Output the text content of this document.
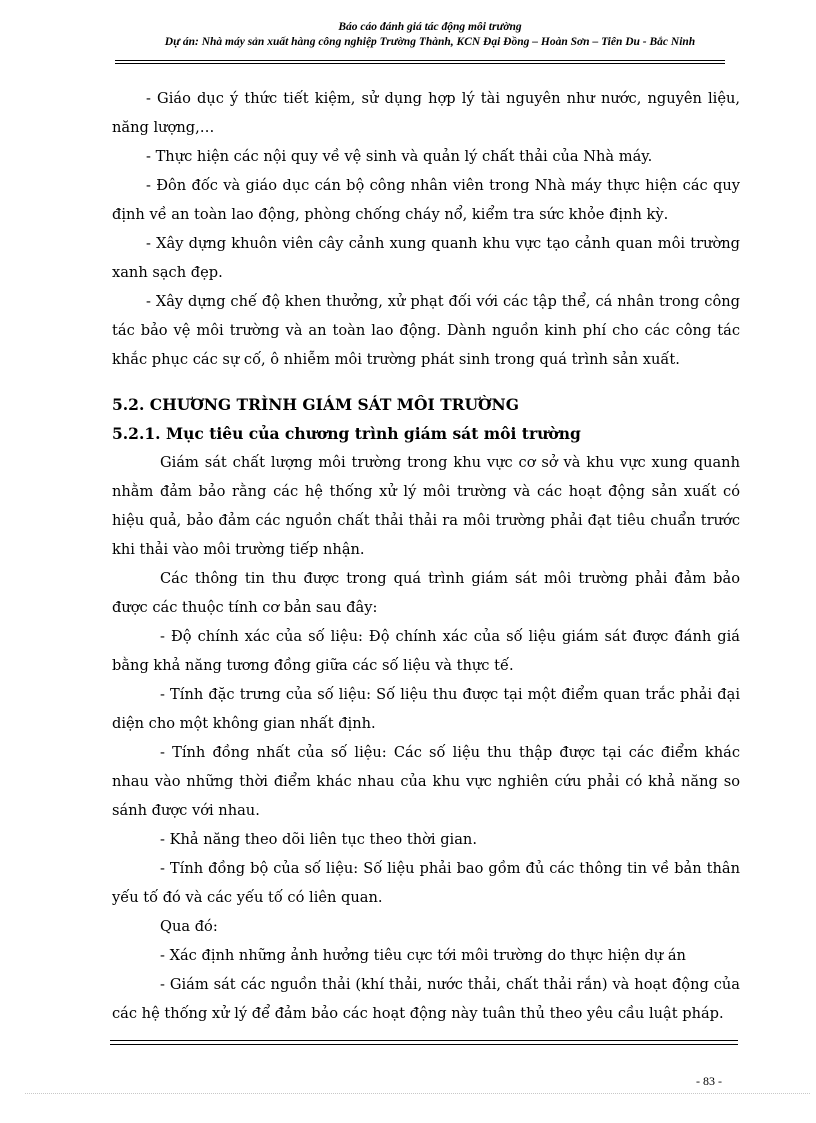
Báo cáo đánh giá tác động môi trường
Dự án: Nhà máy sản xuất hàng công nghiệp Trường Thành, KCN Đại Đồng – Hoàn Sơn – Tiên Du - Bắc Ninh

- Giáo dục ý thức tiết kiệm, sử dụng hợp lý tài nguyên như nước, nguyên liệu, năng lượng,…

- Thực hiện các nội quy về vệ sinh và quản lý chất thải của Nhà máy.

- Đôn đốc và giáo dục cán bộ công nhân viên trong Nhà máy thực hiện các quy định về an toàn lao động, phòng chống cháy nổ, kiểm tra sức khỏe định kỳ.

- Xây dựng khuôn viên cây cảnh xung quanh khu vực tạo cảnh quan môi trường xanh sạch đẹp.

- Xây dựng chế độ khen thưởng, xử phạt đối với các tập thể, cá nhân trong công tác bảo vệ môi trường và an toàn lao động. Dành nguồn kinh phí cho các công tác khắc phục các sự cố, ô nhiễm môi trường phát sinh trong quá trình sản xuất.

5.2. CHƯƠNG TRÌNH GIÁM SÁT MÔI TRƯỜNG
5.2.1. Mục tiêu của chương trình giám sát môi trường

Giám sát chất lượng môi trường trong khu vực cơ sở và khu vực xung quanh nhằm đảm bảo rằng các hệ thống xử lý môi trường và các hoạt động sản xuất có hiệu quả, bảo đảm các nguồn chất thải thải ra môi trường phải đạt tiêu chuẩn trước khi thải vào môi trường tiếp nhận.

Các thông tin thu được trong quá trình giám sát môi trường phải đảm bảo được các thuộc tính cơ bản sau đây:

- Độ chính xác của số liệu: Độ chính xác của số liệu giám sát được đánh giá bằng khả năng tương đồng giữa các số liệu và thực tế.

- Tính đặc trưng của số liệu: Số liệu thu được tại một điểm quan trắc phải đại diện cho một không gian nhất định.

- Tính đồng nhất của số liệu: Các số liệu thu thập được tại các điểm khác nhau vào những thời điểm khác nhau của khu vực nghiên cứu phải có khả năng so sánh được với nhau.

- Khả năng theo dõi liên tục theo thời gian.

- Tính đồng bộ của số liệu: Số liệu phải bao gồm đủ các thông tin về bản thân yếu tố đó và các yếu tố có liên quan.

Qua đó:

- Xác định những ảnh hưởng tiêu cực tới môi trường do thực hiện dự án

- Giám sát các nguồn thải (khí thải, nước thải, chất thải rắn) và hoạt động của các hệ thống xử lý để đảm bảo các hoạt động này tuân thủ theo yêu cầu luật pháp.

- 83 -
